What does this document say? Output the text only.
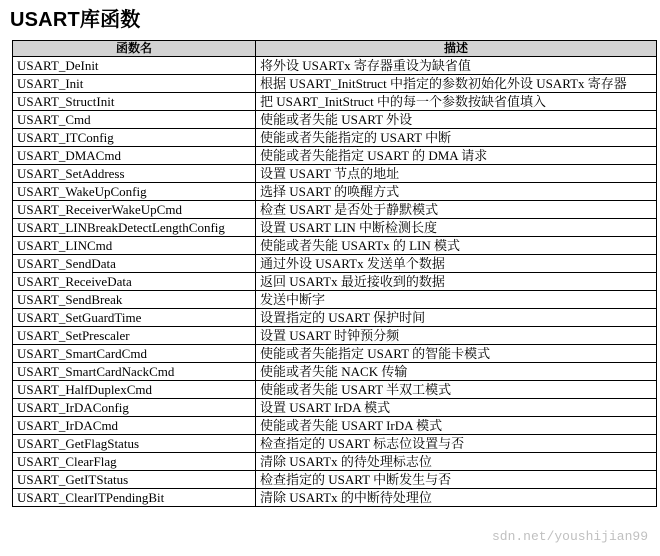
USART库函数
函数名	描述
USART_DeInit	将外设 USARTx 寄存器重设为缺省值
USART_Init	根据 USART_InitStruct 中指定的参数初始化外设 USARTx 寄存器
USART_StructInit	把 USART_InitStruct 中的每一个参数按缺省值填入
USART_Cmd	使能或者失能 USART 外设
USART_ITConfig	使能或者失能指定的 USART 中断
USART_DMACmd	使能或者失能指定 USART 的 DMA 请求
USART_SetAddress	设置 USART 节点的地址
USART_WakeUpConfig	选择 USART 的唤醒方式
USART_ReceiverWakeUpCmd	检查 USART 是否处于静默模式
USART_LINBreakDetectLengthConfig	设置 USART LIN 中断检测长度
USART_LINCmd	使能或者失能 USARTx 的 LIN 模式
USART_SendData	通过外设 USARTx 发送单个数据
USART_ReceiveData	返回 USARTx 最近接收到的数据
USART_SendBreak	发送中断字
USART_SetGuardTime	设置指定的 USART 保护时间
USART_SetPrescaler	设置 USART 时钟预分频
USART_SmartCardCmd	使能或者失能指定 USART 的智能卡模式
USART_SmartCardNackCmd	使能或者失能 NACK 传输
USART_HalfDuplexCmd	使能或者失能 USART 半双工模式
USART_IrDAConfig	设置 USART IrDA 模式
USART_IrDACmd	使能或者失能 USART IrDA 模式
USART_GetFlagStatus	检查指定的 USART 标志位设置与否
USART_ClearFlag	清除 USARTx 的待处理标志位
USART_GetITStatus	检查指定的 USART 中断发生与否
USART_ClearITPendingBit	清除 USARTx 的中断待处理位
sdn.net/youshijian99
